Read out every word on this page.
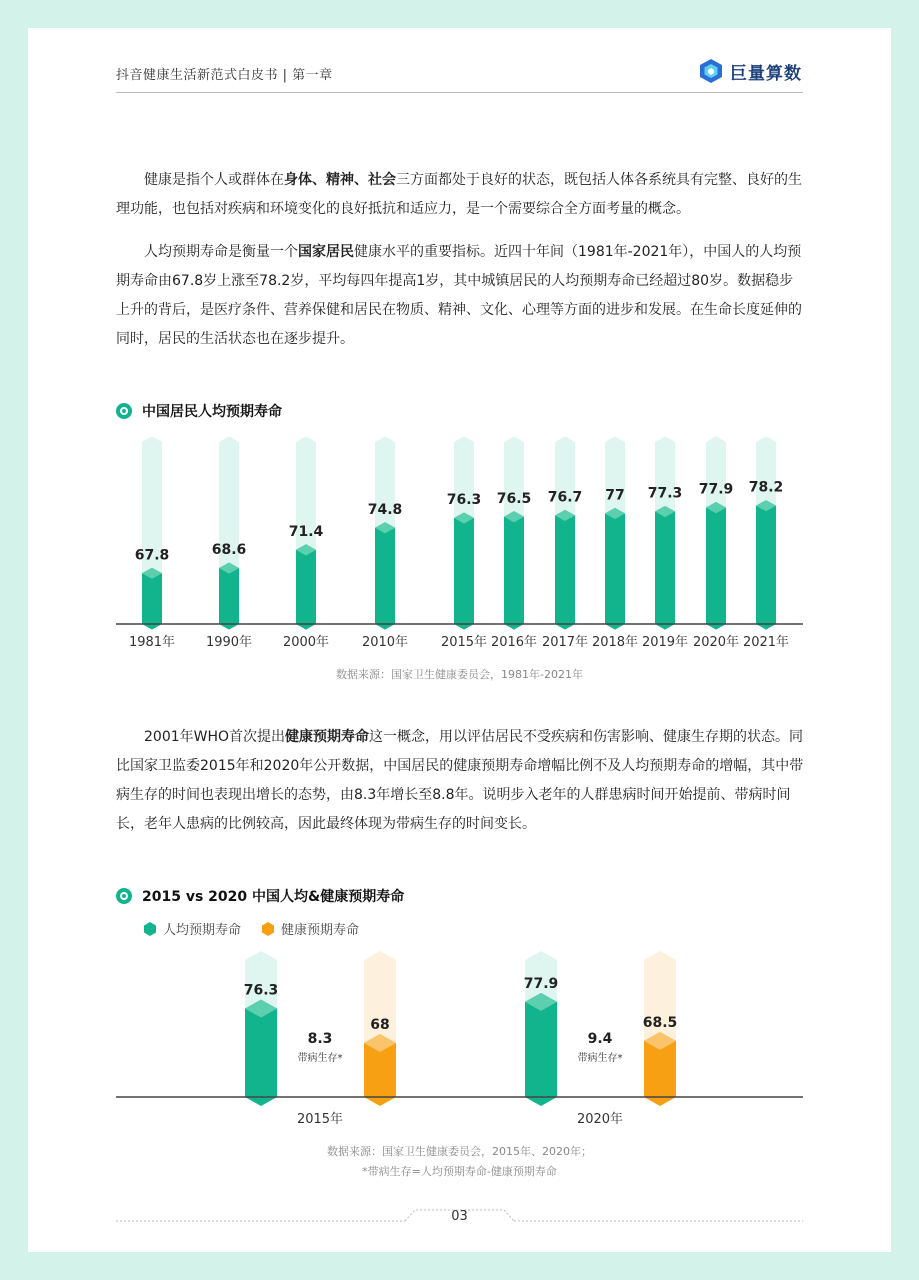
抖音健康生活新范式白皮书 | 第一章	巨量算数
健康是指个人或群体在身体、精神、社会三方面都处于良好的状态，既包括人体各系统具有完整、良好的生理功能，也包括对疾病和环境变化的良好抵抗和适应力，是一个需要综合全方面考量的概念。
人均预期寿命是衡量一个国家居民健康水平的重要指标。近四十年间（1981年-2021年），中国人的人均预期寿命由67.8岁上涨至78.2岁，平均每四年提高1岁，其中城镇居民的人均预期寿命已经超过80岁。数据稳步上升的背后，是医疗条件、营养保健和居民在物质、精神、文化、心理等方面的进步和发展。在生命长度延伸的同时，居民的生活状态也在逐步提升。
中国居民人均预期寿命
67.8
1981年
68.6
1990年
71.4
2000年
74.8
2010年
76.3
2015年
76.5
2016年
76.7
2017年
77
2018年
77.3
2019年
77.9
2020年
78.2
2021年
数据来源：国家卫生健康委员会，1981年-2021年
2001年WHO首次提出健康预期寿命这一概念，用以评估居民不受疾病和伤害影响、健康生存期的状态。同比国家卫监委2015年和2020年公开数据，中国居民的健康预期寿命增幅比例不及人均预期寿命的增幅，其中带病生存的时间也表现出增长的态势，由8.3年增长至8.8年。说明步入老年的人群患病时间开始提前、带病时间长，老年人患病的比例较高，因此最终体现为带病生存的时间变长。
2015 vs 2020 中国人均&健康预期寿命
人均预期寿命	健康预期寿命
76.3
68
8.3
带病生存*
2015年
77.9
68.5
9.4
带病生存*
2020年
数据来源：国家卫生健康委员会，2015年、2020年；
*带病生存=人均预期寿命-健康预期寿命
03
